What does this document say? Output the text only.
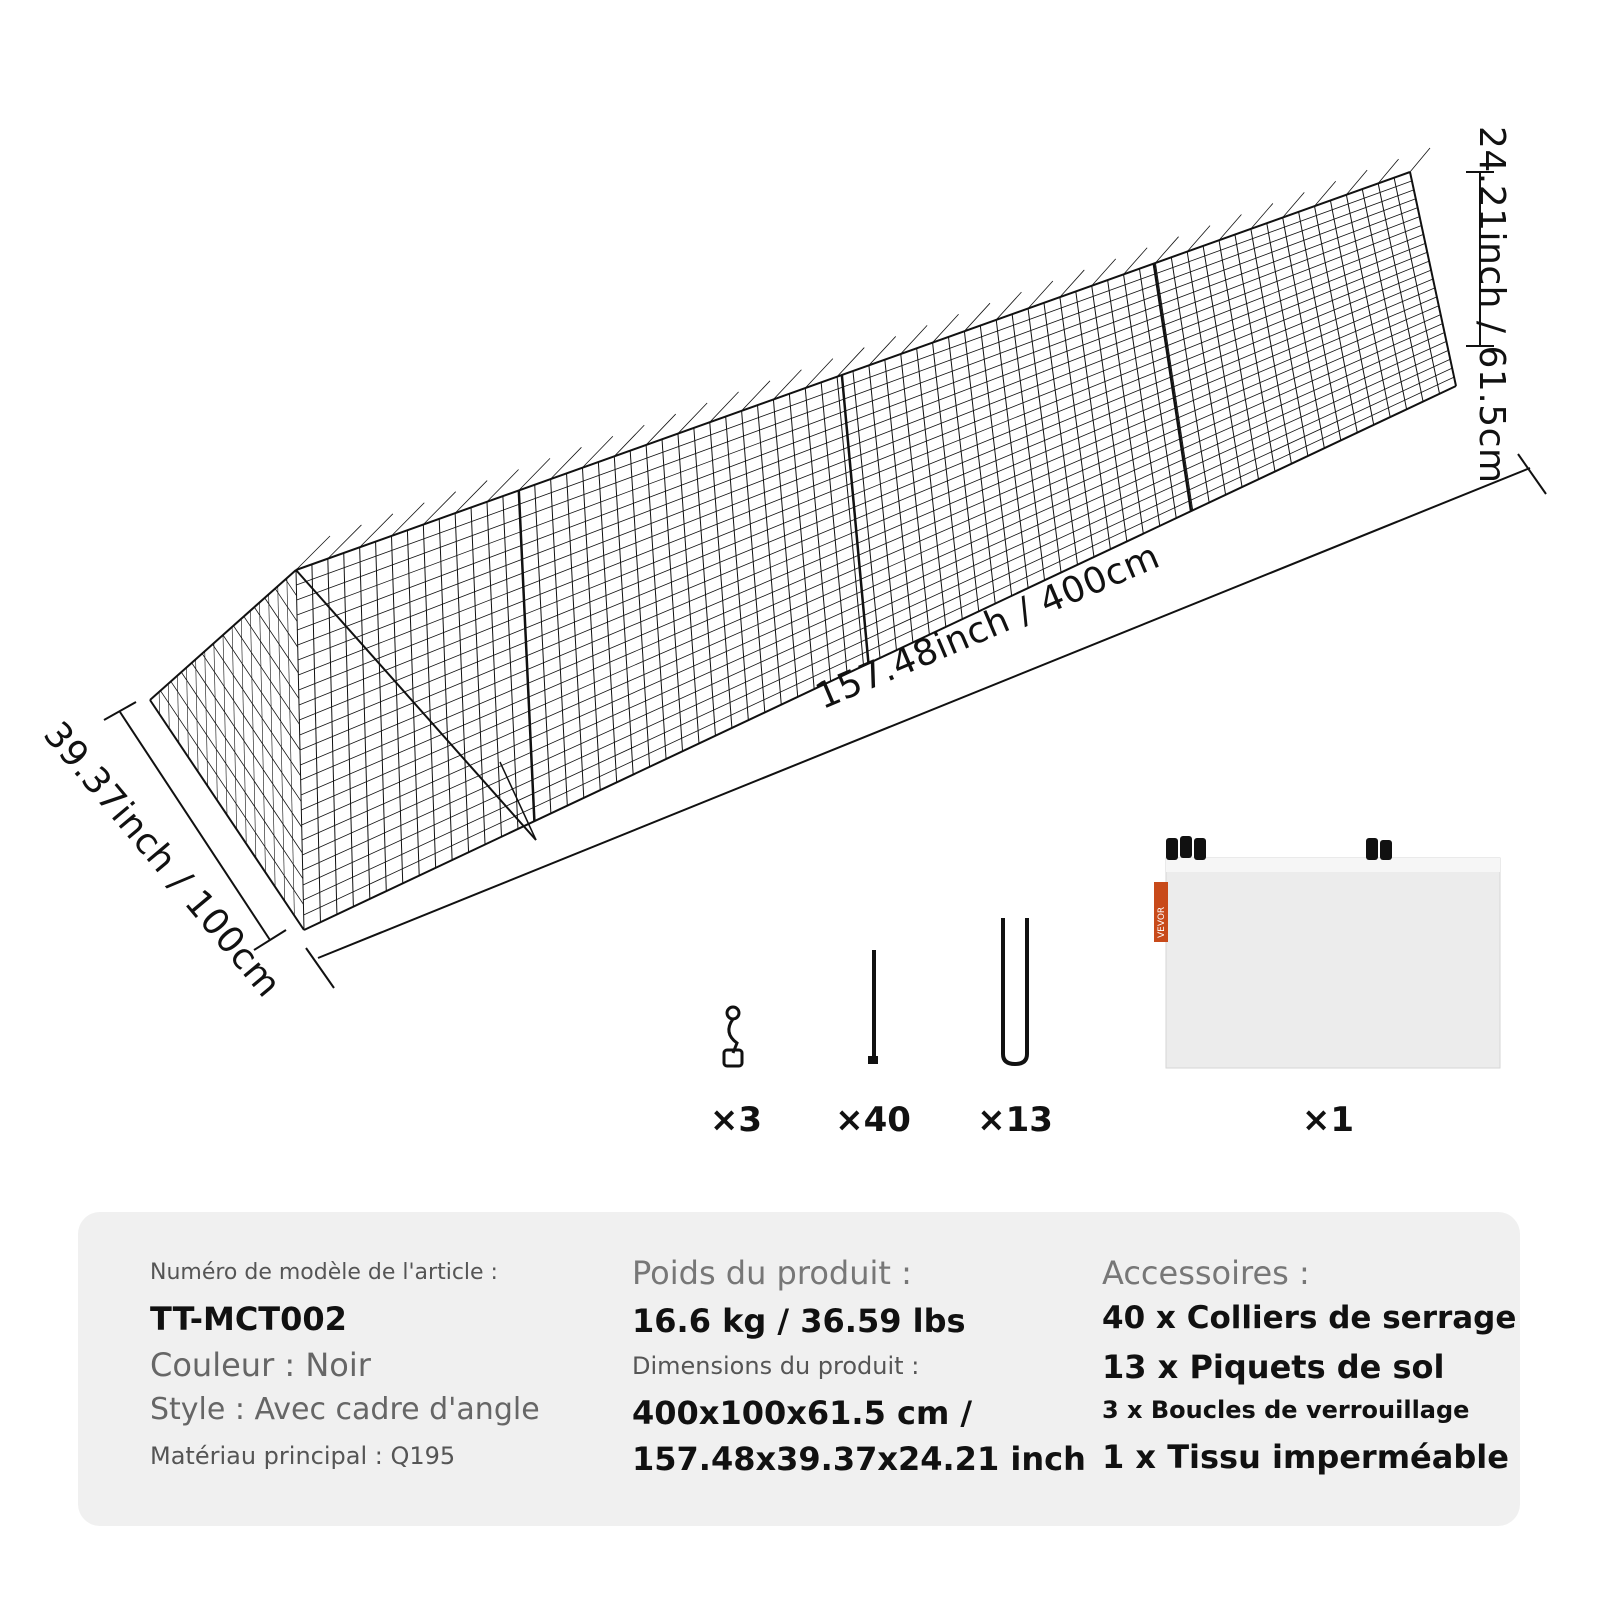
VEVOR
157.48inch / 400cm
39.37inch / 100cm
24.21inch / 61.5cm
×3 ×40 ×13	×1
Numéro de modèle de l'article :
TT-MCT002
Couleur : Noir
Style : Avec cadre d'angle
Matériau principal : Q195
Poids du produit :
16.6 kg / 36.59 lbs
Dimensions du produit :
400x100x61.5 cm /
157.48x39.37x24.21 inch
Accessoires :
40 x Colliers de serrage
13 x Piquets de sol
3 x Boucles de verrouillage
1 x Tissu imperméable
